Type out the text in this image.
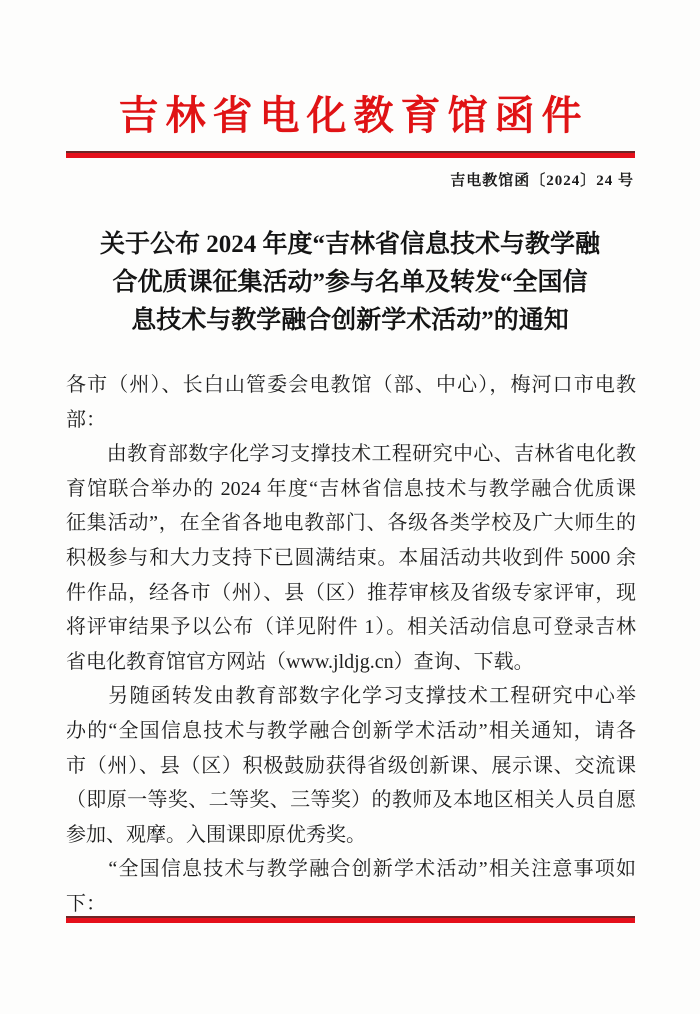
吉林省电化教育馆函件
吉电教馆函〔2024〕24 号
关于公布 2024 年度“吉林省信息技术与教学融
合优质课征集活动”参与名单及转发“全国信
息技术与教学融合创新学术活动”的通知
各市（州）、长白山管委会电教馆（部、中心），梅河口市电教
部：
　　由教育部数字化学习支撑技术工程研究中心、吉林省电化教
育馆联合举办的 2024 年度“吉林省信息技术与教学融合优质课
征集活动”，在全省各地电教部门、各级各类学校及广大师生的
积极参与和大力支持下已圆满结束。本届活动共收到件 5000 余
件作品，经各市（州）、县（区）推荐审核及省级专家评审，现
将评审结果予以公布（详见附件 1）。相关活动信息可登录吉林
省电化教育馆官方网站（www.jldjg.cn）查询、下载。
　　另随函转发由教育部数字化学习支撑技术工程研究中心举
办的“全国信息技术与教学融合创新学术活动”相关通知，请各
市（州）、县（区）积极鼓励获得省级创新课、展示课、交流课
（即原一等奖、二等奖、三等奖）的教师及本地区相关人员自愿
参加、观摩。入围课即原优秀奖。
　　“全国信息技术与教学融合创新学术活动”相关注意事项如
下：
